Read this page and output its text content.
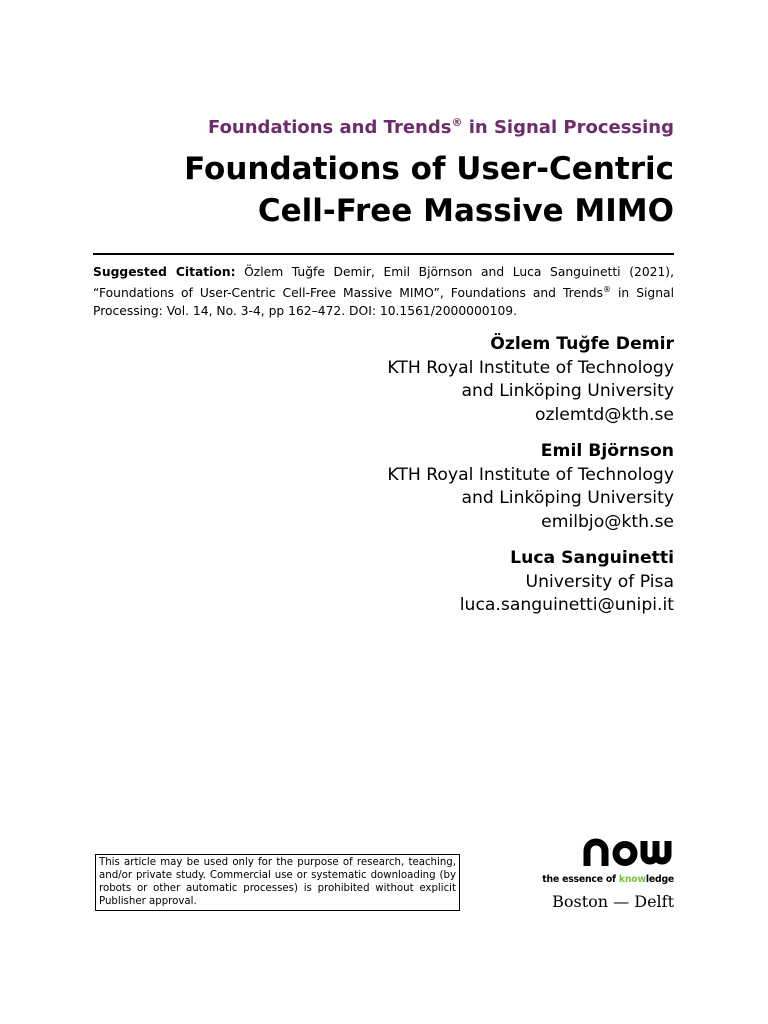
Foundations and Trends® in Signal Processing
Foundations of User-Centric
Cell-Free Massive MIMO
Suggested Citation: Özlem Tuğfe Demir, Emil Björnson and Luca Sanguinetti (2021), “Foundations of User-Centric Cell-Free Massive MIMO”, Foundations and Trends® in Signal Processing: Vol. 14, No. 3-4, pp 162–472. DOI: 10.1561/2000000109.
Özlem Tuğfe Demir
KTH Royal Institute of Technology
and Linköping University
ozlemtd@kth.se
Emil Björnson
KTH Royal Institute of Technology
and Linköping University
emilbjo@kth.se
Luca Sanguinetti
University of Pisa
luca.sanguinetti@unipi.it
This article may be used only for the purpose of research, teaching, and/or private study. Commercial use or systematic downloading (by robots or other automatic processes) is prohibited without explicit Publisher approval.
the essence of knowledge
Boston — Delft
